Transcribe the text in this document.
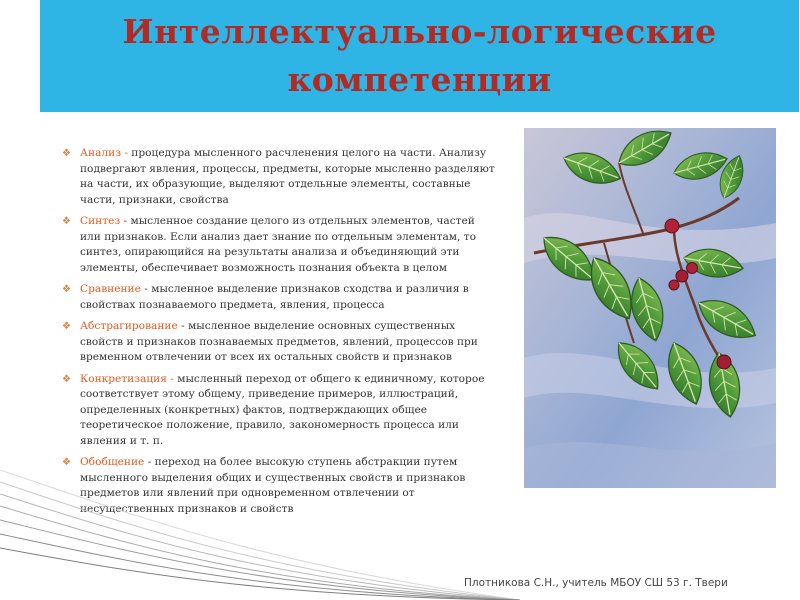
Интеллектуально-логические компетенции
❖ Анализ - процедура мысленного расчленения целого на части. Анализу подвергают явления, процессы, предметы, которые мысленно разделяют на части, их образующие, выделяют отдельные элементы, составные части, признаки, свойства
❖ Синтез - мысленное создание целого из отдельных элементов, частей или признаков. Если анализ дает знание по отдельным элементам, то синтез, опирающийся на результаты анализа и объединяющий эти элементы, обеспечивает возможность познания объекта в целом
❖ Сравнение - мысленное выделение признаков сходства и различия в свойствах познаваемого предмета, явления, процесса
❖ Абстрагирование - мысленное выделение основных существенных свойств и признаков познаваемых предметов, явлений, процессов при временном отвлечении от всех их остальных свойств и признаков
❖ Конкретизация - мысленный переход от общего к единичному, которое соответствует этому общему, приведение примеров, иллюстраций, определенных (конкретных) фактов, подтверждающих общее теоретическое положение, правило, закономерность процесса или явления и т. п.
❖ Обобщение - переход на более высокую ступень абстракции путем мысленного выделения общих и существенных свойств и признаков предметов или явлений при одновременном отвлечении от несущественных признаков и свойств
Плотникова С.Н., учитель МБОУ СШ 53 г. Твери
